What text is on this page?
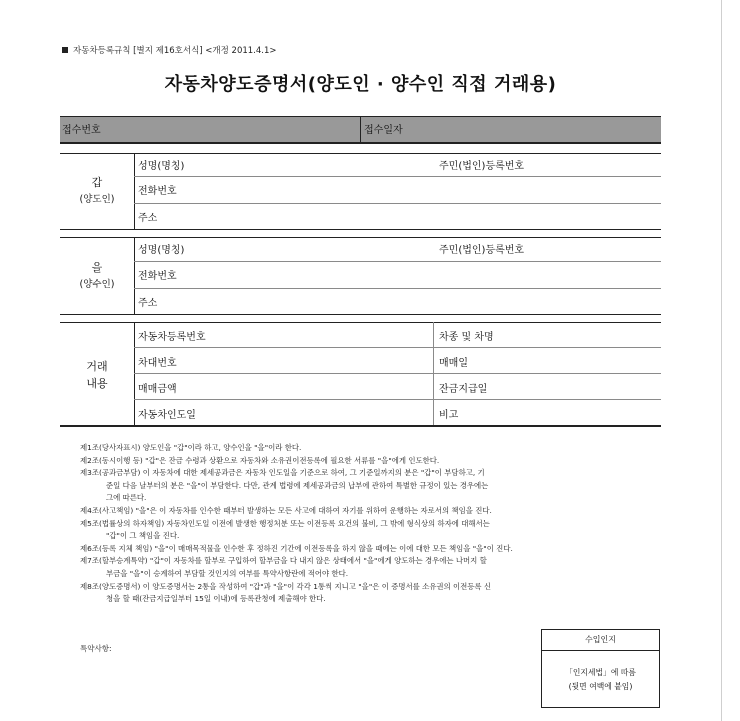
자동차등록규칙 [별지 제16호서식] <개정 2011.4.1>
자동차양도증명서(양도인 · 양수인 직접 거래용)
접수번호	접수일자
갑
(양도인)
성명(명칭)	주민(법인)등록번호
전화번호
주소
을
(양수인)
성명(명칭)	주민(법인)등록번호
전화번호
주소
거래
내용
자동차등록번호	차종 및 차명
차대번호	매매일
매매금액	잔금지급일
자동차인도일	비고

제1조(당사자표시) 양도인을 "갑"이라 하고, 양수인을 "을"이라 한다.

제2조(동시이행 등) "갑"은 잔금 수령과 상환으로 자동차와 소유권이전등록에 필요한 서류를 "을"에게 인도한다.

제3조(공과금부담) 이 자동차에 대한 제세공과금은 자동차 인도일을 기준으로 하여, 그 기준일까지의 분은 "갑"이 부담하고, 기

준일 다음 날부터의 분은 "을"이 부담한다. 다만, 관계 법령에 제세공과금의 납부에 관하여 특별한 규정이 있는 경우에는

그에 따른다.

제4조(사고책임) "을"은 이 자동차를 인수한 때부터 발생하는 모든 사고에 대하여 자기를 위하여 운행하는 자로서의 책임을 진다.

제5조(법률상의 하자책임) 자동차인도일 이전에 발생한 행정처분 또는 이전등록 요건의 불비, 그 밖에 형식상의 하자에 대해서는

"갑"이 그 책임을 진다.

제6조(등록 지체 책임) "을"이 매매목적물을 인수한 후 정하진 기간에 이전등록을 하지 않을 때에는 이에 대한 모든 책임을 "을"이 진다.

제7조(할부승계특약) "갑"이 자동차를 할부로 구입하여 할부금을 다 내지 않은 상태에서 "을"에게 양도하는 경우에는 나머지 할

부금을 "을"이 승계하여 부담할 것인지의 여부를 특약사항란에 적어야 한다.

제8조(양도증명서) 이 양도증명서는 2통을 작성하여 "갑"과 "을"이 각각 1통씩 지니고 "을"은 이 증명서를 소유권의 이전등록 신

청을 할 때(잔금지급일부터 15일 이내)에 등록관청에 제출해야 한다.

특약사항:
수입인지
「인지세법」에 따름
(뒷면 여백에 붙임)
